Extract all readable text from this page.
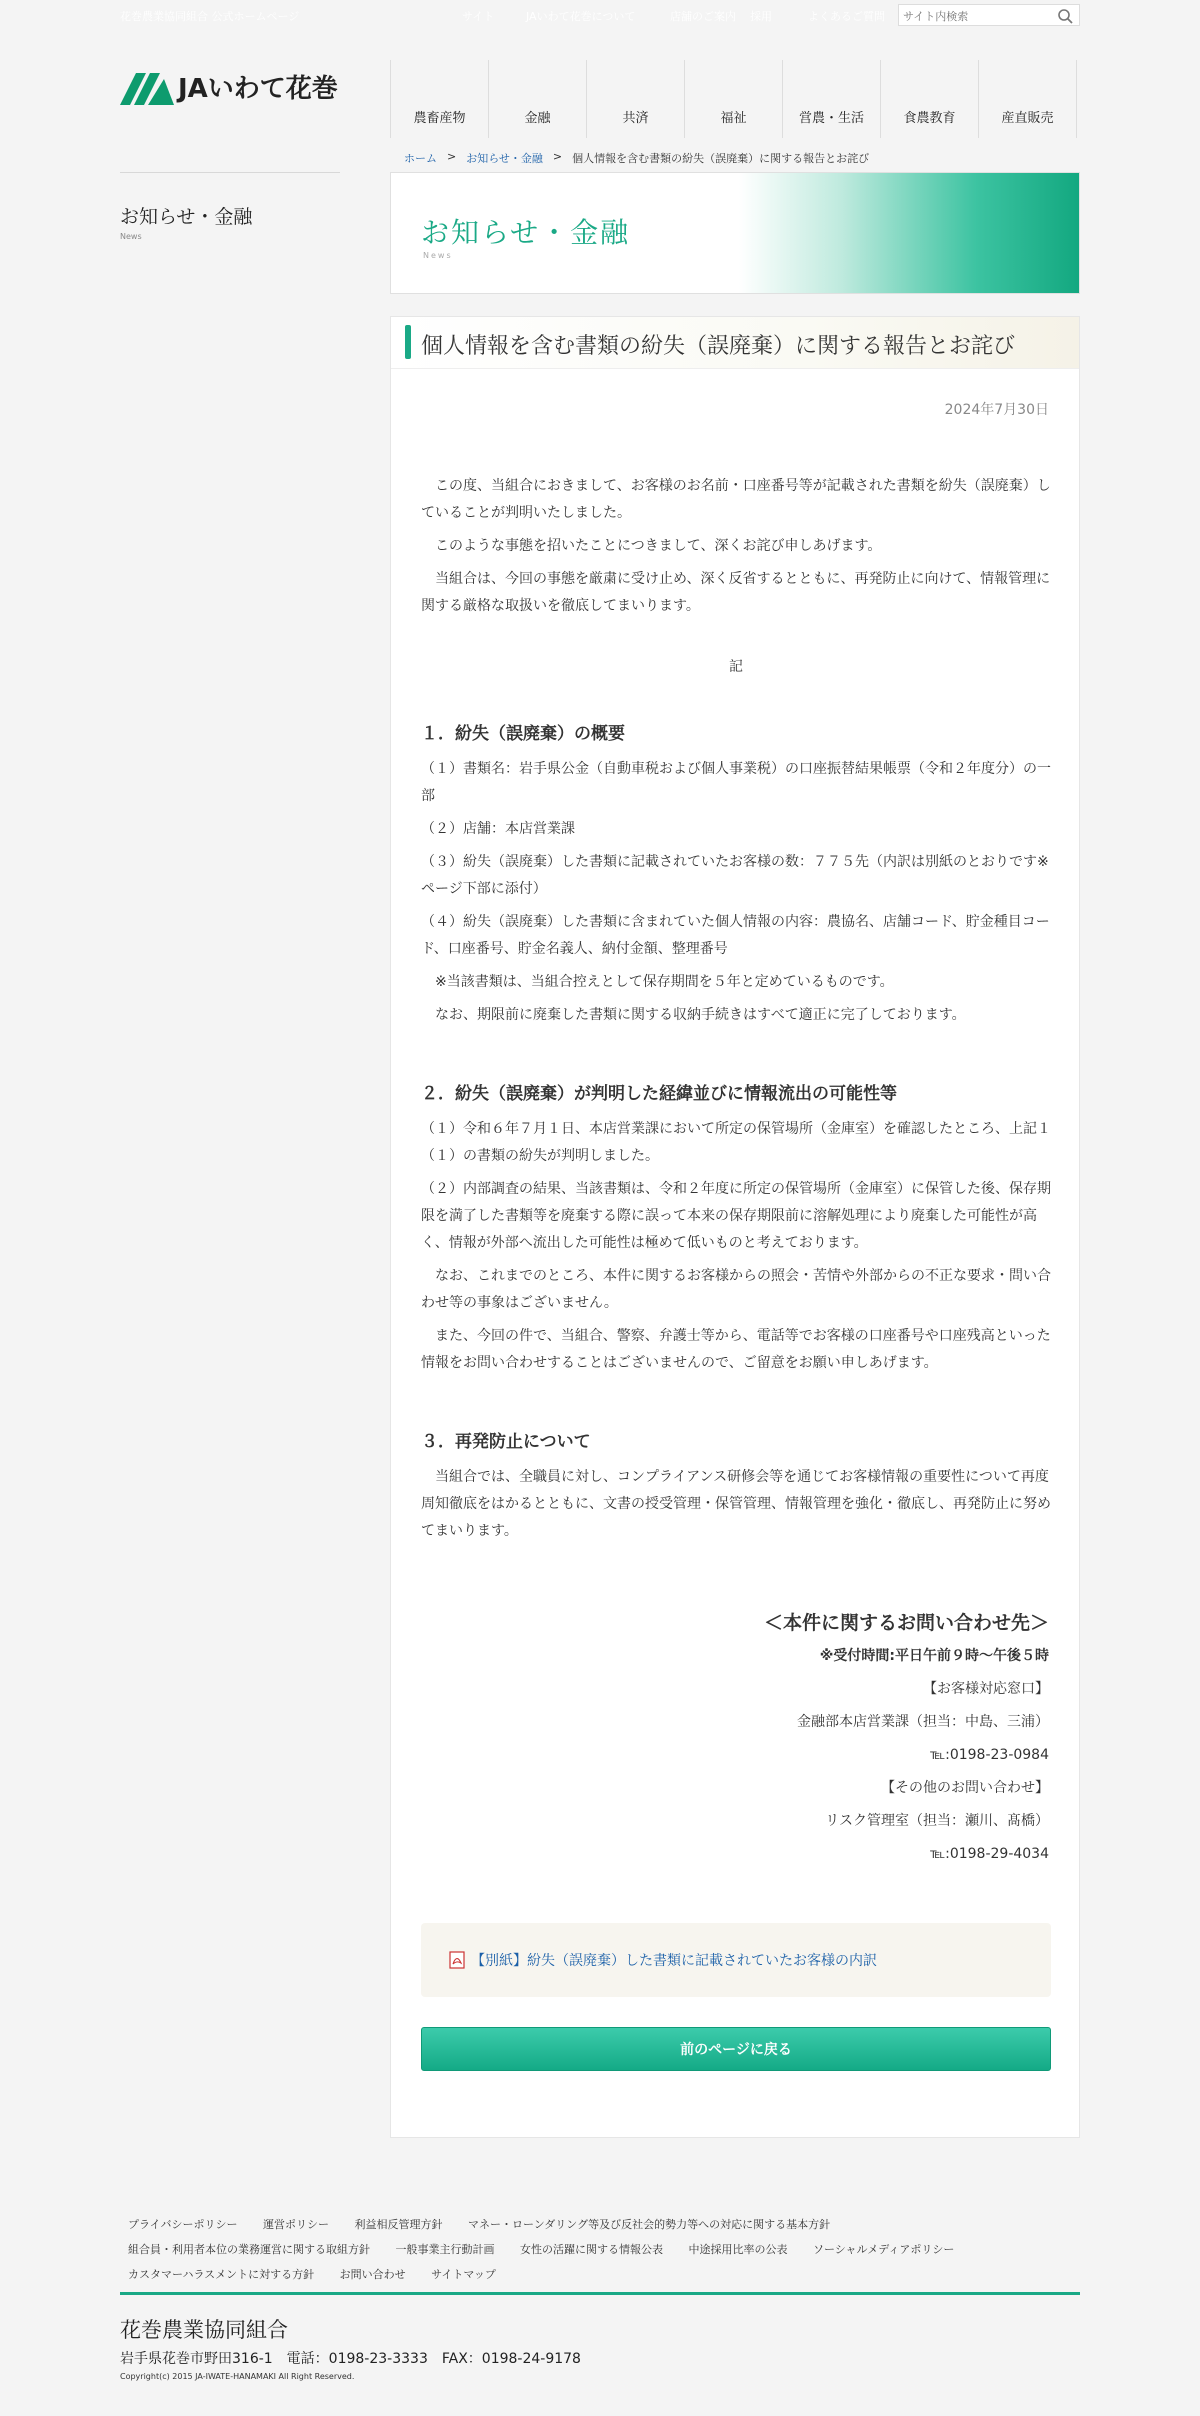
花巻農業協同組合 公式ホームページ	サイト	JAいわて花巻について	店舗のご案内 採用	よくあるご質問
サイト内検索
JAいわて花巻
農畜産物	金融	共済	福祉	営農・生活	食農教育	産直販売
ホーム > お知らせ・金融 > 個人情報を含む書類の紛失（誤廃棄）に関する報告とお詫び
お知らせ・金融
News	お知らせ・金融
News
個人情報を含む書類の紛失（誤廃棄）に関する報告とお詫び
2024年7月30日

　この度、当組合におきまして、お客様のお名前・口座番号等が記載された書類を紛失（誤廃棄）していることが判明いたしました。

　このような事態を招いたことにつきまして、深くお詫び申しあげます。

　当組合は、今回の事態を厳粛に受け止め、深く反省するとともに、再発防止に向けて、情報管理に関する厳格な取扱いを徹底してまいります。

記

１．紛失（誤廃棄）の概要

（１）書類名：岩手県公金（自動車税および個人事業税）の口座振替結果帳票（令和２年度分）の一部

（２）店舗：本店営業課

（３）紛失（誤廃棄）した書類に記載されていたお客様の数：７７５先（内訳は別紙のとおりです※ページ下部に添付）

（４）紛失（誤廃棄）した書類に含まれていた個人情報の内容：農協名、店舗コード、貯金種目コード、口座番号、貯金名義人、納付金額、整理番号

　※当該書類は、当組合控えとして保存期間を５年と定めているものです。

　なお、期限前に廃棄した書類に関する収納手続きはすべて適正に完了しております。

２．紛失（誤廃棄）が判明した経緯並びに情報流出の可能性等

（１）令和６年７月１日、本店営業課において所定の保管場所（金庫室）を確認したところ、上記１（１）の書類の紛失が判明しました。

（２）内部調査の結果、当該書類は、令和２年度に所定の保管場所（金庫室）に保管した後、保存期限を満了した書類等を廃棄する際に誤って本来の保存期限前に溶解処理により廃棄した可能性が高く、情報が外部へ流出した可能性は極めて低いものと考えております。

　なお、これまでのところ、本件に関するお客様からの照会・苦情や外部からの不正な要求・問い合わせ等の事象はございません。

　また、今回の件で、当組合、警察、弁護士等から、電話等でお客様の口座番号や口座残高といった情報をお問い合わせすることはございませんので、ご留意をお願い申しあげます。

３．再発防止について

　当組合では、全職員に対し、コンプライアンス研修会等を通じてお客様情報の重要性について再度周知徹底をはかるとともに、文書の授受管理・保管管理、情報管理を強化・徹底し、再発防止に努めてまいります。

＜本件に関するお問い合わせ先＞
※受付時間:平日午前９時〜午後５時
【お客様対応窓口】
金融部本店営業課（担当：中島、三浦）
℡:0198-23-0984
【その他のお問い合わせ】
リスク管理室（担当：瀬川、髙橋）
℡:0198-29-4034
【別紙】紛失（誤廃棄）した書類に記載されていたお客様の内訳
前のページに戻る
プライバシーポリシー 運営ポリシー 利益相反管理方針 マネー・ローンダリング等及び反社会的勢力等への対応に関する基本方針
組合員・利用者本位の業務運営に関する取組方針 一般事業主行動計画 女性の活躍に関する情報公表 中途採用比率の公表 ソーシャルメディアポリシー
カスタマーハラスメントに対する方針 お問い合わせ サイトマップ
花巻農業協同組合
岩手県花巻市野田316-1　電話：0198-23-3333　FAX：0198-24-9178
Copyright(c) 2015 JA-IWATE-HANAMAKI All Right Reserved.
